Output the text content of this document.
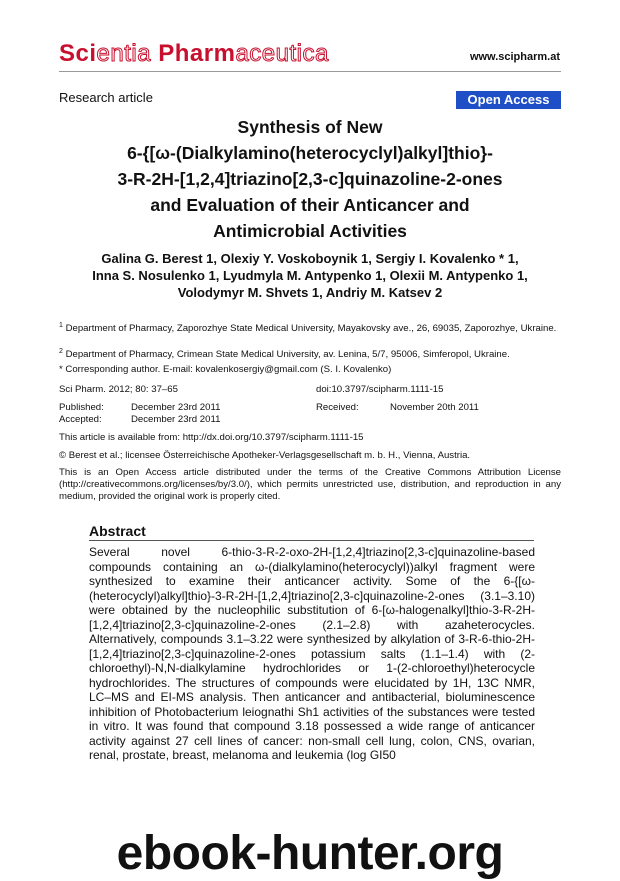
Scientia Pharmaceutica	www.scipharm.at
Research article	Open Access
Synthesis of New
6-{[ω-(Dialkylamino(heterocyclyl)alkyl]thio}-
3-R-2H-[1,2,4]triazino[2,3-c]quinazoline-2-ones
and Evaluation of their Anticancer and
Antimicrobial Activities
Galina G. Berest 1, Olexiy Y. Voskoboynik 1, Sergiy I. Kovalenko * 1,
Inna S. Nosulenko 1, Lyudmyla M. Antypenko 1, Olexii M. Antypenko 1,
Volodymyr M. Shvets 1, Andriy M. Katsev 2
$^1$ Department of Pharmacy, Zaporozhye State Medical University, Mayakovsky ave., 26, 69035, Zaporozhye, Ukraine.
$^2$ Department of Pharmacy, Crimean State Medical University, av. Lenina, 5/7, 95006, Simferopol, Ukraine.
* Corresponding author. E-mail: kovalenkosergiy@gmail.com (S. I. Kovalenko)
Sci Pharm. 2012; 80: 37–65	doi:10.3797/scipharm.1111-15
Published:	December 23rd 2011	Received:	November 20th 2011
Accepted:	December 23rd 2011
This article is available from: http://dx.doi.org/10.3797/scipharm.1111-15
© Berest et al.; licensee Österreichische Apotheker-Verlagsgesellschaft m. b. H., Vienna, Austria.
This is an Open Access article distributed under the terms of the Creative Commons Attribution License (http://creativecommons.org/licenses/by/3.0/), which permits unrestricted use, distribution, and reproduction in any medium, provided the original work is properly cited.
Abstract
Several novel 6-thio-3-R-2-oxo-2H-[1,2,4]triazino[2,3-c]quinazoline-based compounds containing an ω-(dialkylamino(heterocyclyl))alkyl fragment were synthesized to examine their anticancer activity. Some of the 6-{[ω-(heterocyclyl)alkyl]thio}-3-R-2H-[1,2,4]triazino[2,3-c]quinazoline-2-ones (3.1–3.10) were obtained by the nucleophilic substitution of 6-[ω-halogenalkyl]thio-3-R-2H-[1,2,4]triazino[2,3-c]quinazoline-2-ones (2.1–2.8) with azaheterocycles. Alternatively, compounds 3.1–3.22 were synthesized by alkylation of 3-R-6-thio-2H-[1,2,4]triazino[2,3-c]quinazoline-2-ones potassium salts (1.1–1.4) with (2-chloroethyl)-N,N-dialkylamine hydrochlorides or 1-(2-chloroethyl)heterocycle hydrochlorides. The structures of compounds were elucidated by 1H, 13C NMR, LC–MS and EI-MS analysis. Then anticancer and antibacterial, bioluminescence inhibition of Photobacterium leiognathi Sh1 activities of the substances were tested in vitro. It was found that compound 3.18 possessed a wide range of anticancer activity against 27 cell lines of cancer: non-small cell lung, colon, CNS, ovarian, renal, prostate, breast, melanoma and leukemia (log GI50
ebook-hunter.org
